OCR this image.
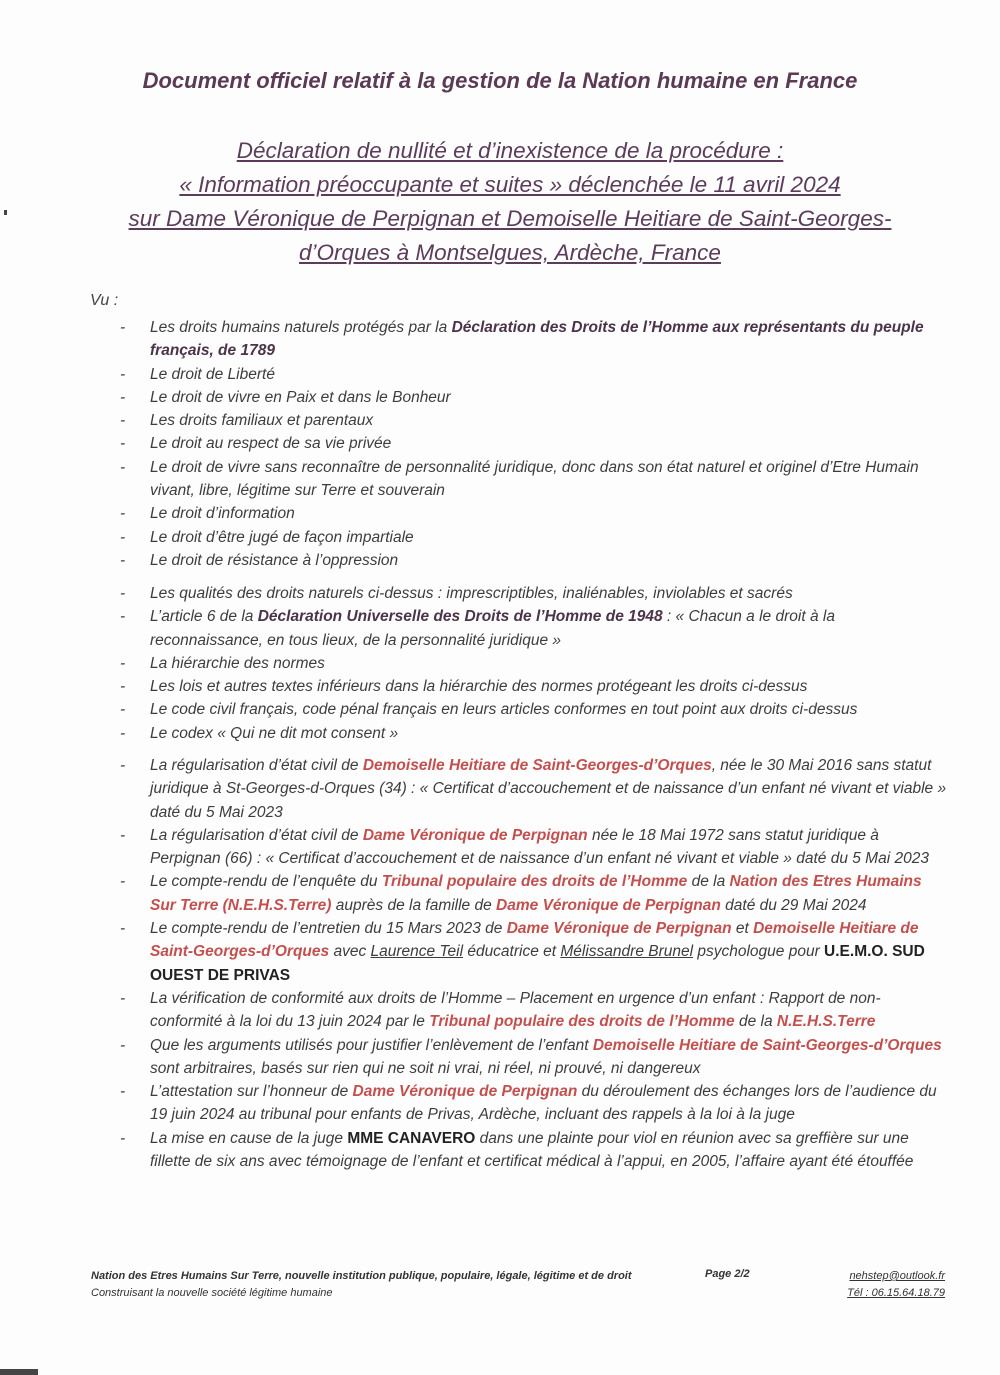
Document officiel relatif à la gestion de la Nation humaine en France
Déclaration de nullité et d’inexistence de la procédure :
« Information préoccupante et suites » déclenchée le 11 avril 2024
sur Dame Véronique de Perpignan et Demoiselle Heitiare de Saint-Georges-
d’Orques à Montselgues, Ardèche, France
Vu :
- Les droits humains naturels protégés par la Déclaration des Droits de l’Homme aux représentants du peuple français, de 1789
- Le droit de Liberté
- Le droit de vivre en Paix et dans le Bonheur
- Les droits familiaux et parentaux
- Le droit au respect de sa vie privée
- Le droit de vivre sans reconnaître de personnalité juridique, donc dans son état naturel et originel d’Etre Humain vivant, libre, légitime sur Terre et souverain
- Le droit d’information
- Le droit d’être jugé de façon impartiale
- Le droit de résistance à l’oppression
- Les qualités des droits naturels ci-dessus : imprescriptibles, inaliénables, inviolables et sacrés
- L’article 6 de la Déclaration Universelle des Droits de l’Homme de 1948 : « Chacun a le droit à la reconnaissance, en tous lieux, de la personnalité juridique »
- La hiérarchie des normes
- Les lois et autres textes inférieurs dans la hiérarchie des normes protégeant les droits ci-dessus
- Le code civil français, code pénal français en leurs articles conformes en tout point aux droits ci-dessus
- Le codex « Qui ne dit mot consent »
- La régularisation d’état civil de Demoiselle Heitiare de Saint-Georges-d’Orques, née le 30 Mai 2016 sans statut juridique à St-Georges-d-Orques (34) : « Certificat d’accouchement et de naissance d’un enfant né vivant et viable » daté du 5 Mai 2023
- La régularisation d’état civil de Dame Véronique de Perpignan née le 18 Mai 1972 sans statut juridique à Perpignan (66) : « Certificat d’accouchement et de naissance d’un enfant né vivant et viable » daté du 5 Mai 2023
- Le compte-rendu de l’enquête du Tribunal populaire des droits de l’Homme de la Nation des Etres Humains Sur Terre (N.E.H.S.Terre) auprès de la famille de Dame Véronique de Perpignan daté du 29 Mai 2024
- Le compte-rendu de l’entretien du 15 Mars 2023 de Dame Véronique de Perpignan et Demoiselle Heitiare de Saint-Georges-d’Orques avec Laurence Teil éducatrice et Mélissandre Brunel psychologue pour U.E.M.O. SUD OUEST DE PRIVAS
- La vérification de conformité aux droits de l’Homme – Placement en urgence d’un enfant : Rapport de non-conformité à la loi du 13 juin 2024 par le Tribunal populaire des droits de l’Homme de la N.E.H.S.Terre
- Que les arguments utilisés pour justifier l’enlèvement de l’enfant Demoiselle Heitiare de Saint-Georges-d’Orques sont arbitraires, basés sur rien qui ne soit ni vrai, ni réel, ni prouvé, ni dangereux
- L’attestation sur l’honneur de Dame Véronique de Perpignan du déroulement des échanges lors de l’audience du 19 juin 2024 au tribunal pour enfants de Privas, Ardèche, incluant des rappels à la loi à la juge
- La mise en cause de la juge MME CANAVERO dans une plainte pour viol en réunion avec sa greffière sur une fillette de six ans avec témoignage de l’enfant et certificat médical à l’appui, en 2005, l’affaire ayant été étouffée
Nation des Etres Humains Sur Terre, nouvelle institution publique, populaire, légale, légitime et de droit
Construisant la nouvelle société légitime humaine
Page 2/2	nehstep@outlook.fr
Tél : 06.15.64.18.79
